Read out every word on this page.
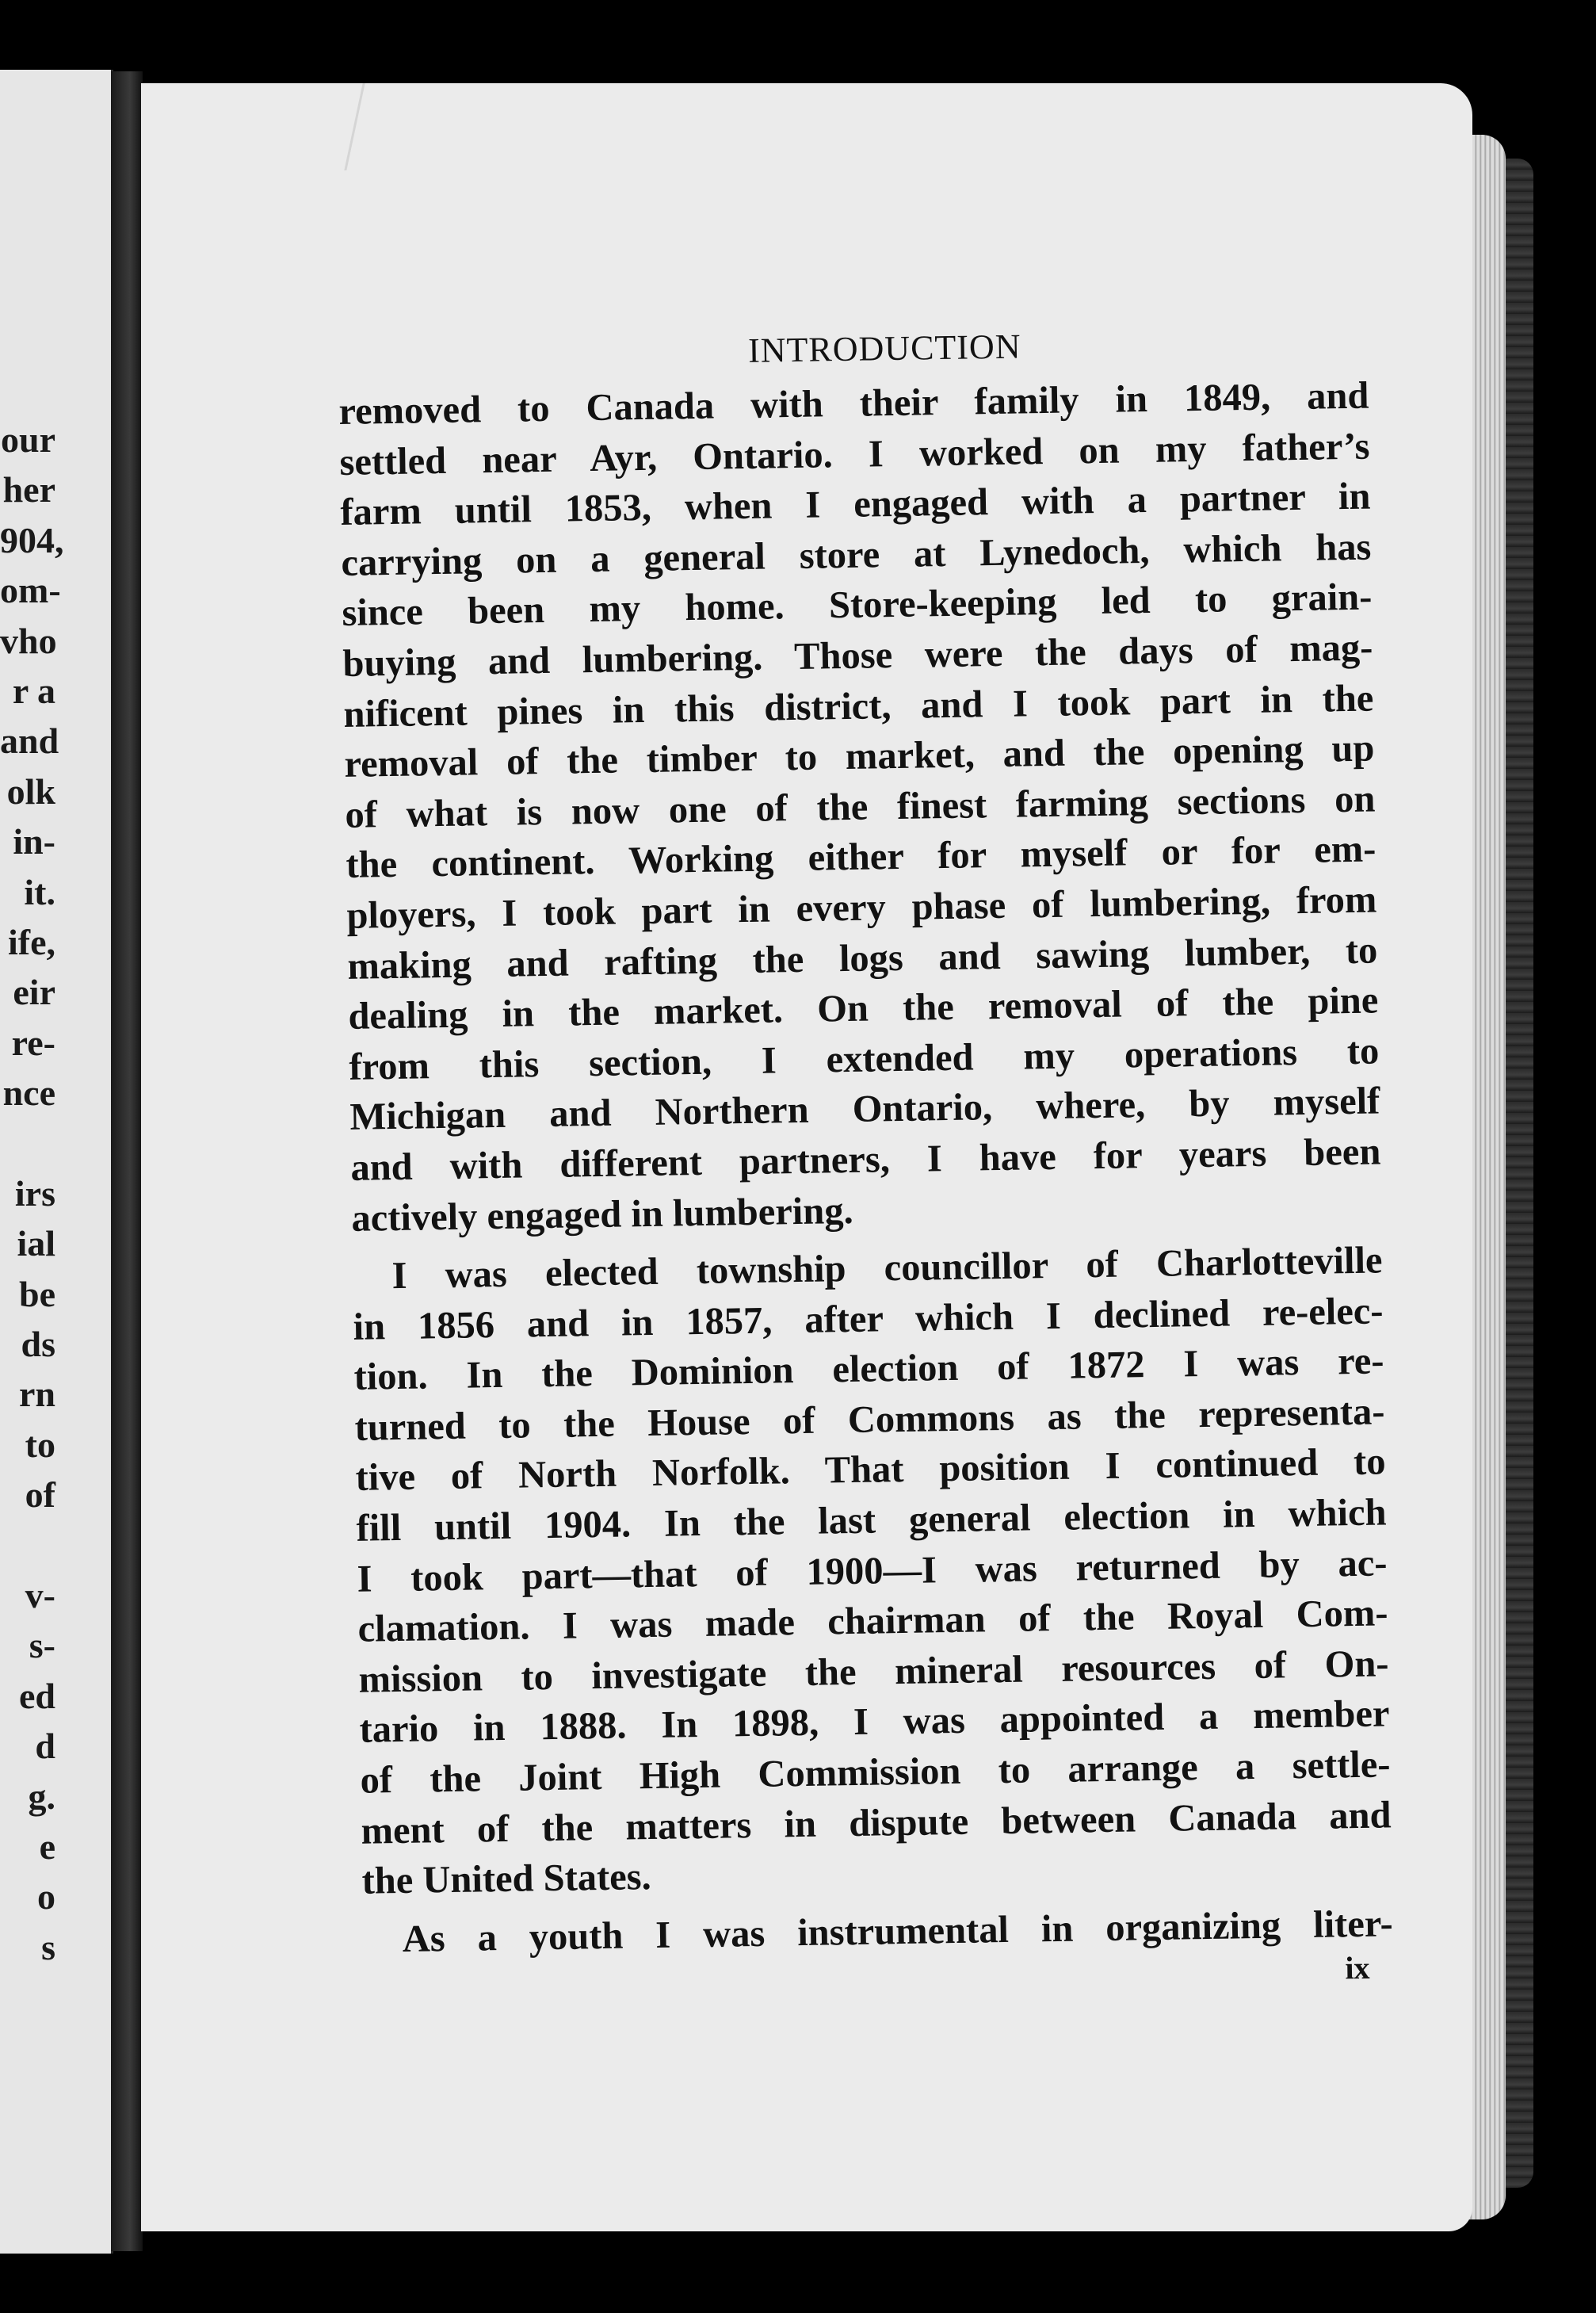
our
her
904,
om-
vho
r a
and
olk
in-
it.
ife,
eir
re-
nce
irs
ial
be
ds
rn
to
of
v-
s-
ed
d
g.
e
o
s
INTRODUCTION
removed to Canada with their family in 1849, and
settled near Ayr, Ontario. I worked on my father’s
farm until 1853, when I engaged with a partner in
carrying on a general store at Lynedoch, which has
since been my home. Store-keeping led to grain-
buying and lumbering. Those were the days of mag-
nificent pines in this district, and I took part in the
removal of the timber to market, and the opening up
of what is now one of the finest farming sections on
the continent. Working either for myself or for em-
ployers, I took part in every phase of lumbering, from
making and rafting the logs and sawing lumber, to
dealing in the market. On the removal of the pine
from this section, I extended my operations to
Michigan and Northern Ontario, where, by myself
and with different partners, I have for years been
actively engaged in lumbering.
I was elected township councillor of Charlotteville
in 1856 and in 1857, after which I declined re-elec-
tion. In the Dominion election of 1872 I was re-
turned to the House of Commons as the representa-
tive of North Norfolk. That position I continued to
fill until 1904. In the last general election in which
I took part—that of 1900—I was returned by ac-
clamation. I was made chairman of the Royal Com-
mission to investigate the mineral resources of On-
tario in 1888. In 1898, I was appointed a member
of the Joint High Commission to arrange a settle-
ment of the matters in dispute between Canada and
the United States.
As a youth I was instrumental in organizing liter-
ix
